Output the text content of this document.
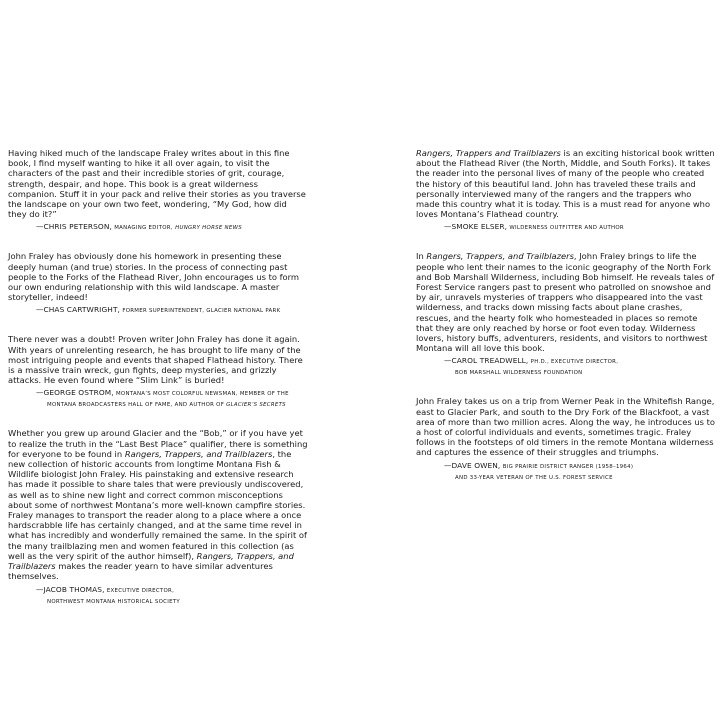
Having hiked much of the landscape Fraley writes about in this fine book, I find myself wanting to hike it all over again, to visit the characters of the past and their incredible stories of grit, courage, strength, despair, and hope. This book is a great wilderness companion. Stuff it in your pack and relive their stories as you traverse the landscape on your own two feet, wondering, “My God, how did they do it?”

—CHRIS PETERSON, MANAGING EDITOR, HUNGRY HORSE NEWS

John Fraley has obviously done his homework in presenting these deeply human (and true) stories. In the process of connecting past people to the Forks of the Flathead River, John encourages us to form our own enduring relationship with this wild landscape. A master storyteller, indeed!

—CHAS CARTWRIGHT, FORMER SUPERINTENDENT, GLACIER NATIONAL PARK

There never was a doubt! Proven writer John Fraley has done it again. With years of unrelenting research, he has brought to life many of the most intriguing people and events that shaped Flathead history. There is a massive train wreck, gun fights, deep mysteries, and grizzly attacks. He even found where “Slim Link” is buried!

—GEORGE OSTROM, MONTANA’S MOST COLORFUL NEWSMAN, MEMBER OF THE
MONTANA BROADCASTERS HALL OF FAME, AND AUTHOR OF GLACIER’S SECRETS

Whether you grew up around Glacier and the “Bob,” or if you have yet to realize the truth in the “Last Best Place” qualifier, there is something for everyone to be found in Rangers, Trappers, and Trailblazers, the new collection of historic accounts from longtime Montana Fish & Wildlife biologist John Fraley. His painstaking and extensive research has made it possible to share tales that were previously undiscovered, as well as to shine new light and correct common misconceptions about some of northwest Montana’s more well-known campfire stories. Fraley manages to transport the reader along to a place where a once hardscrabble life has certainly changed, and at the same time revel in what has incredibly and wonderfully remained the same. In the spirit of the many trailblazing men and women featured in this collection (as well as the very spirit of the author himself), Rangers, Trappers, and Trailblazers makes the reader yearn to have similar adventures themselves.

—JACOB THOMAS, EXECUTIVE DIRECTOR,
NORTHWEST MONTANA HISTORICAL SOCIETY

Rangers, Trappers and Trailblazers is an exciting historical book written about the Flathead River (the North, Middle, and South Forks). It takes the reader into the personal lives of many of the people who created the history of this beautiful land. John has traveled these trails and personally interviewed many of the rangers and the trappers who made this country what it is today. This is a must read for anyone who loves Montana’s Flathead country.

—SMOKE ELSER, WILDERNESS OUTFITTER AND AUTHOR

In Rangers, Trappers, and Trailblazers, John Fraley brings to life the people who lent their names to the iconic geography of the North Fork and Bob Marshall Wilderness, including Bob himself. He reveals tales of Forest Service rangers past to present who patrolled on snowshoe and by air, unravels mysteries of trappers who disappeared into the vast wilderness, and tracks down missing facts about plane crashes, rescues, and the hearty folk who homesteaded in places so remote that they are only reached by horse or foot even today. Wilderness lovers, history buffs, adventurers, residents, and visitors to northwest Montana will all love this book.

—CAROL TREADWELL, PH.D., EXECUTIVE DIRECTOR,
BOB MARSHALL WILDERNESS FOUNDATION

John Fraley takes us on a trip from Werner Peak in the Whitefish Range, east to Glacier Park, and south to the Dry Fork of the Blackfoot, a vast area of more than two million acres. Along the way, he introduces us to a host of colorful individuals and events, sometimes tragic. Fraley follows in the footsteps of old timers in the remote Montana wilderness and captures the essence of their struggles and triumphs.

—DAVE OWEN, BIG PRAIRIE DISTRICT RANGER (1958–1964)
AND 33-YEAR VETERAN OF THE U.S. FOREST SERVICE
